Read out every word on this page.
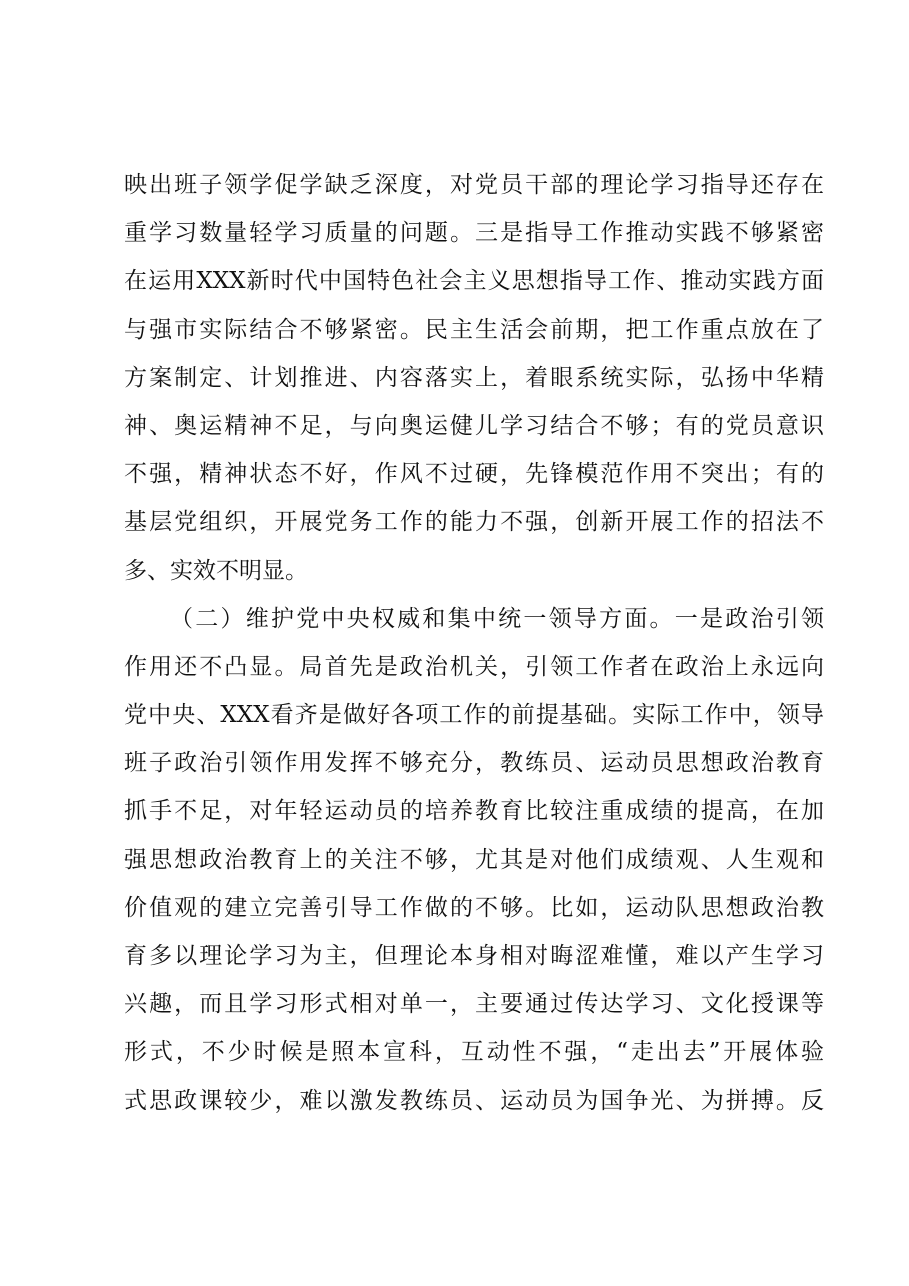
映出班子领学促学缺乏深度，对党员干部的理论学习指导还存在
重学习数量轻学习质量的问题。三是指导工作推动实践不够紧密
在运用XXX新时代中国特色社会主义思想指导工作、推动实践方面
与强市实际结合不够紧密。民主生活会前期，把工作重点放在了
方案制定、计划推进、内容落实上，着眼系统实际，弘扬中华精
神、奥运精神不足，与向奥运健儿学习结合不够；有的党员意识
不强，精神状态不好，作风不过硬，先锋模范作用不突出；有的
基层党组织，开展党务工作的能力不强，创新开展工作的招法不
多、实效不明显。
（二）维护党中央权威和集中统一领导方面。一是政治引领
作用还不凸显。局首先是政治机关，引领工作者在政治上永远向
党中央、XXX看齐是做好各项工作的前提基础。实际工作中，领导
班子政治引领作用发挥不够充分，教练员、运动员思想政治教育
抓手不足，对年轻运动员的培养教育比较注重成绩的提高，在加
强思想政治教育上的关注不够，尤其是对他们成绩观、人生观和
价值观的建立完善引导工作做的不够。比如，运动队思想政治教
育多以理论学习为主，但理论本身相对晦涩难懂，难以产生学习
兴趣，而且学习形式相对单一，主要通过传达学习、文化授课等
形式，不少时候是照本宣科，互动性不强，“走出去”开展体验
式思政课较少，难以激发教练员、运动员为国争光、为拼搏。反
